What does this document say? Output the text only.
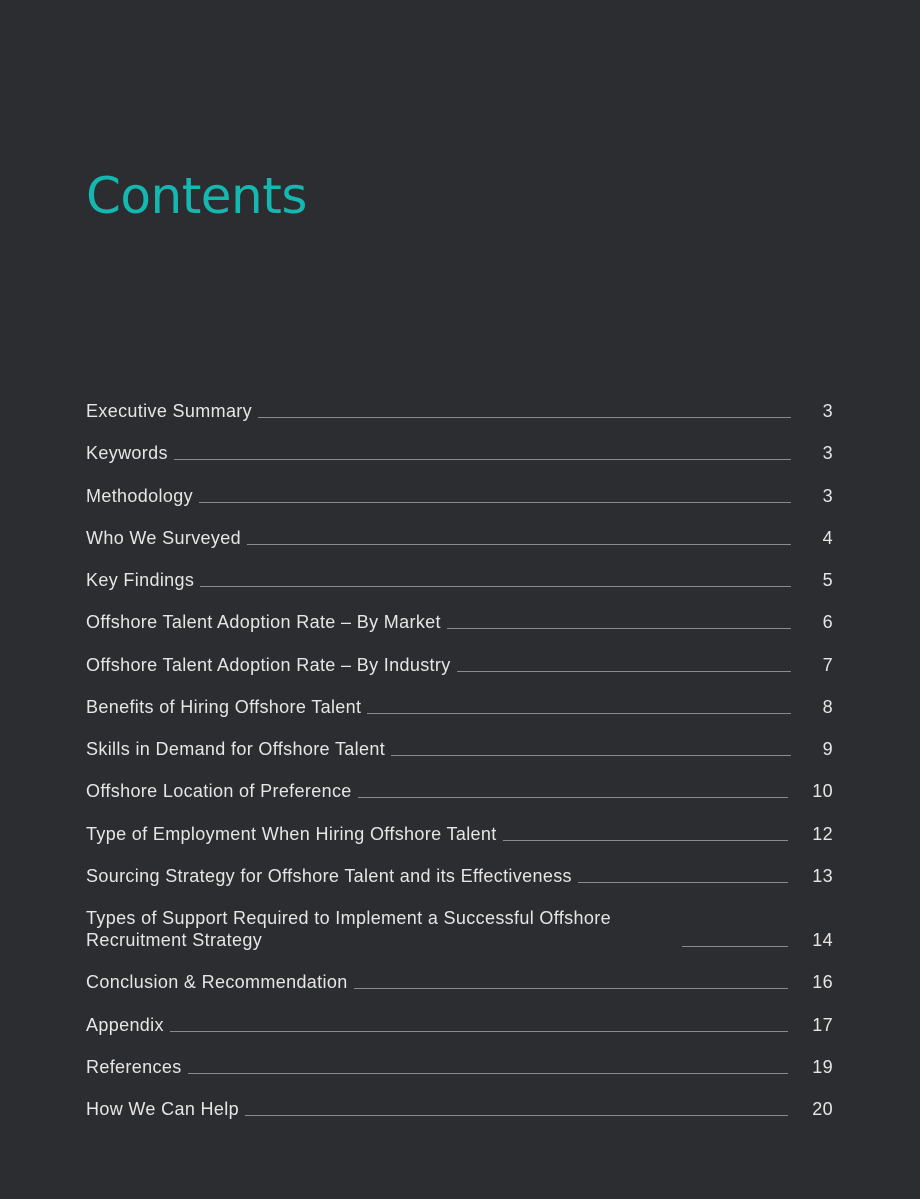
Contents
Executive Summary	3
Keywords	3
Methodology	3
Who We Surveyed	4
Key Findings	5
Offshore Talent Adoption Rate – By Market	6
Offshore Talent Adoption Rate – By Industry	7
Benefits of Hiring Offshore Talent	8
Skills in Demand for Offshore Talent	9
Offshore Location of Preference	10
Type of Employment When Hiring Offshore Talent	12
Sourcing Strategy for Offshore Talent and its Effectiveness	13
Types of Support Required to Implement a Successful Offshore Recruitment Strategy	14
Conclusion & Recommendation	16
Appendix	17
References	19
How We Can Help	20
